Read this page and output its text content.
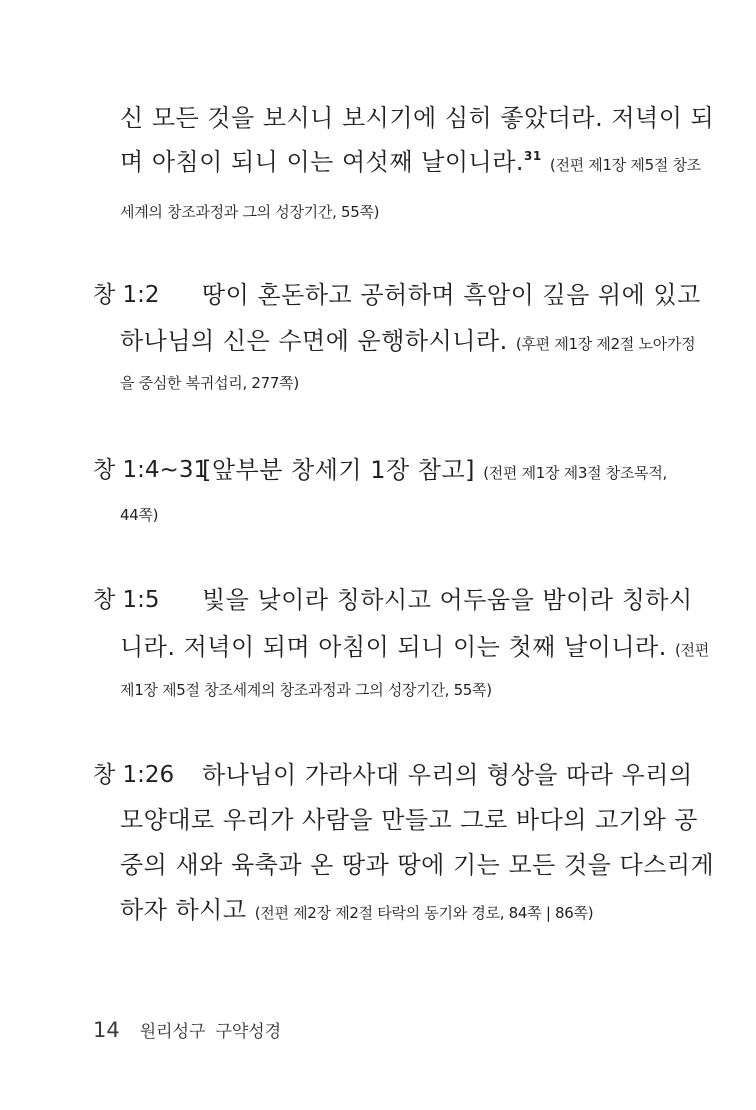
신 모든 것을 보시니 보시기에 심히 좋았더라. 저녁이 되
며 아침이 되니 이는 여섯째 날이니라.$^{31}$ (전편 제1장 제5절 창조
세계의 창조과정과 그의 성장기간, 55쪽)
창 1:2 땅이 혼돈하고 공허하며 흑암이 깊음 위에 있고
하나님의 신은 수면에 운행하시니라. (후편 제1장 제2절 노아가정
을 중심한 복귀섭리, 277쪽)
창 1:4~31
[앞부분 창세기 1장 참고] (전편 제1장 제3절 창조목적,
44쪽)
창 1:5 빛을 낮이라 칭하시고 어두움을 밤이라 칭하시
니라. 저녁이 되며 아침이 되니 이는 첫째 날이니라. (전편
제1장 제5절 창조세계의 창조과정과 그의 성장기간, 55쪽)
창 1:26 하나님이 가라사대 우리의 형상을 따라 우리의
모양대로 우리가 사람을 만들고 그로 바다의 고기와 공
중의 새와 육축과 온 땅과 땅에 기는 모든 것을 다스리게
하자 하시고 (전편 제2장 제2절 타락의 동기와 경로, 84쪽 | 86쪽)
14 원리성구 구약성경
